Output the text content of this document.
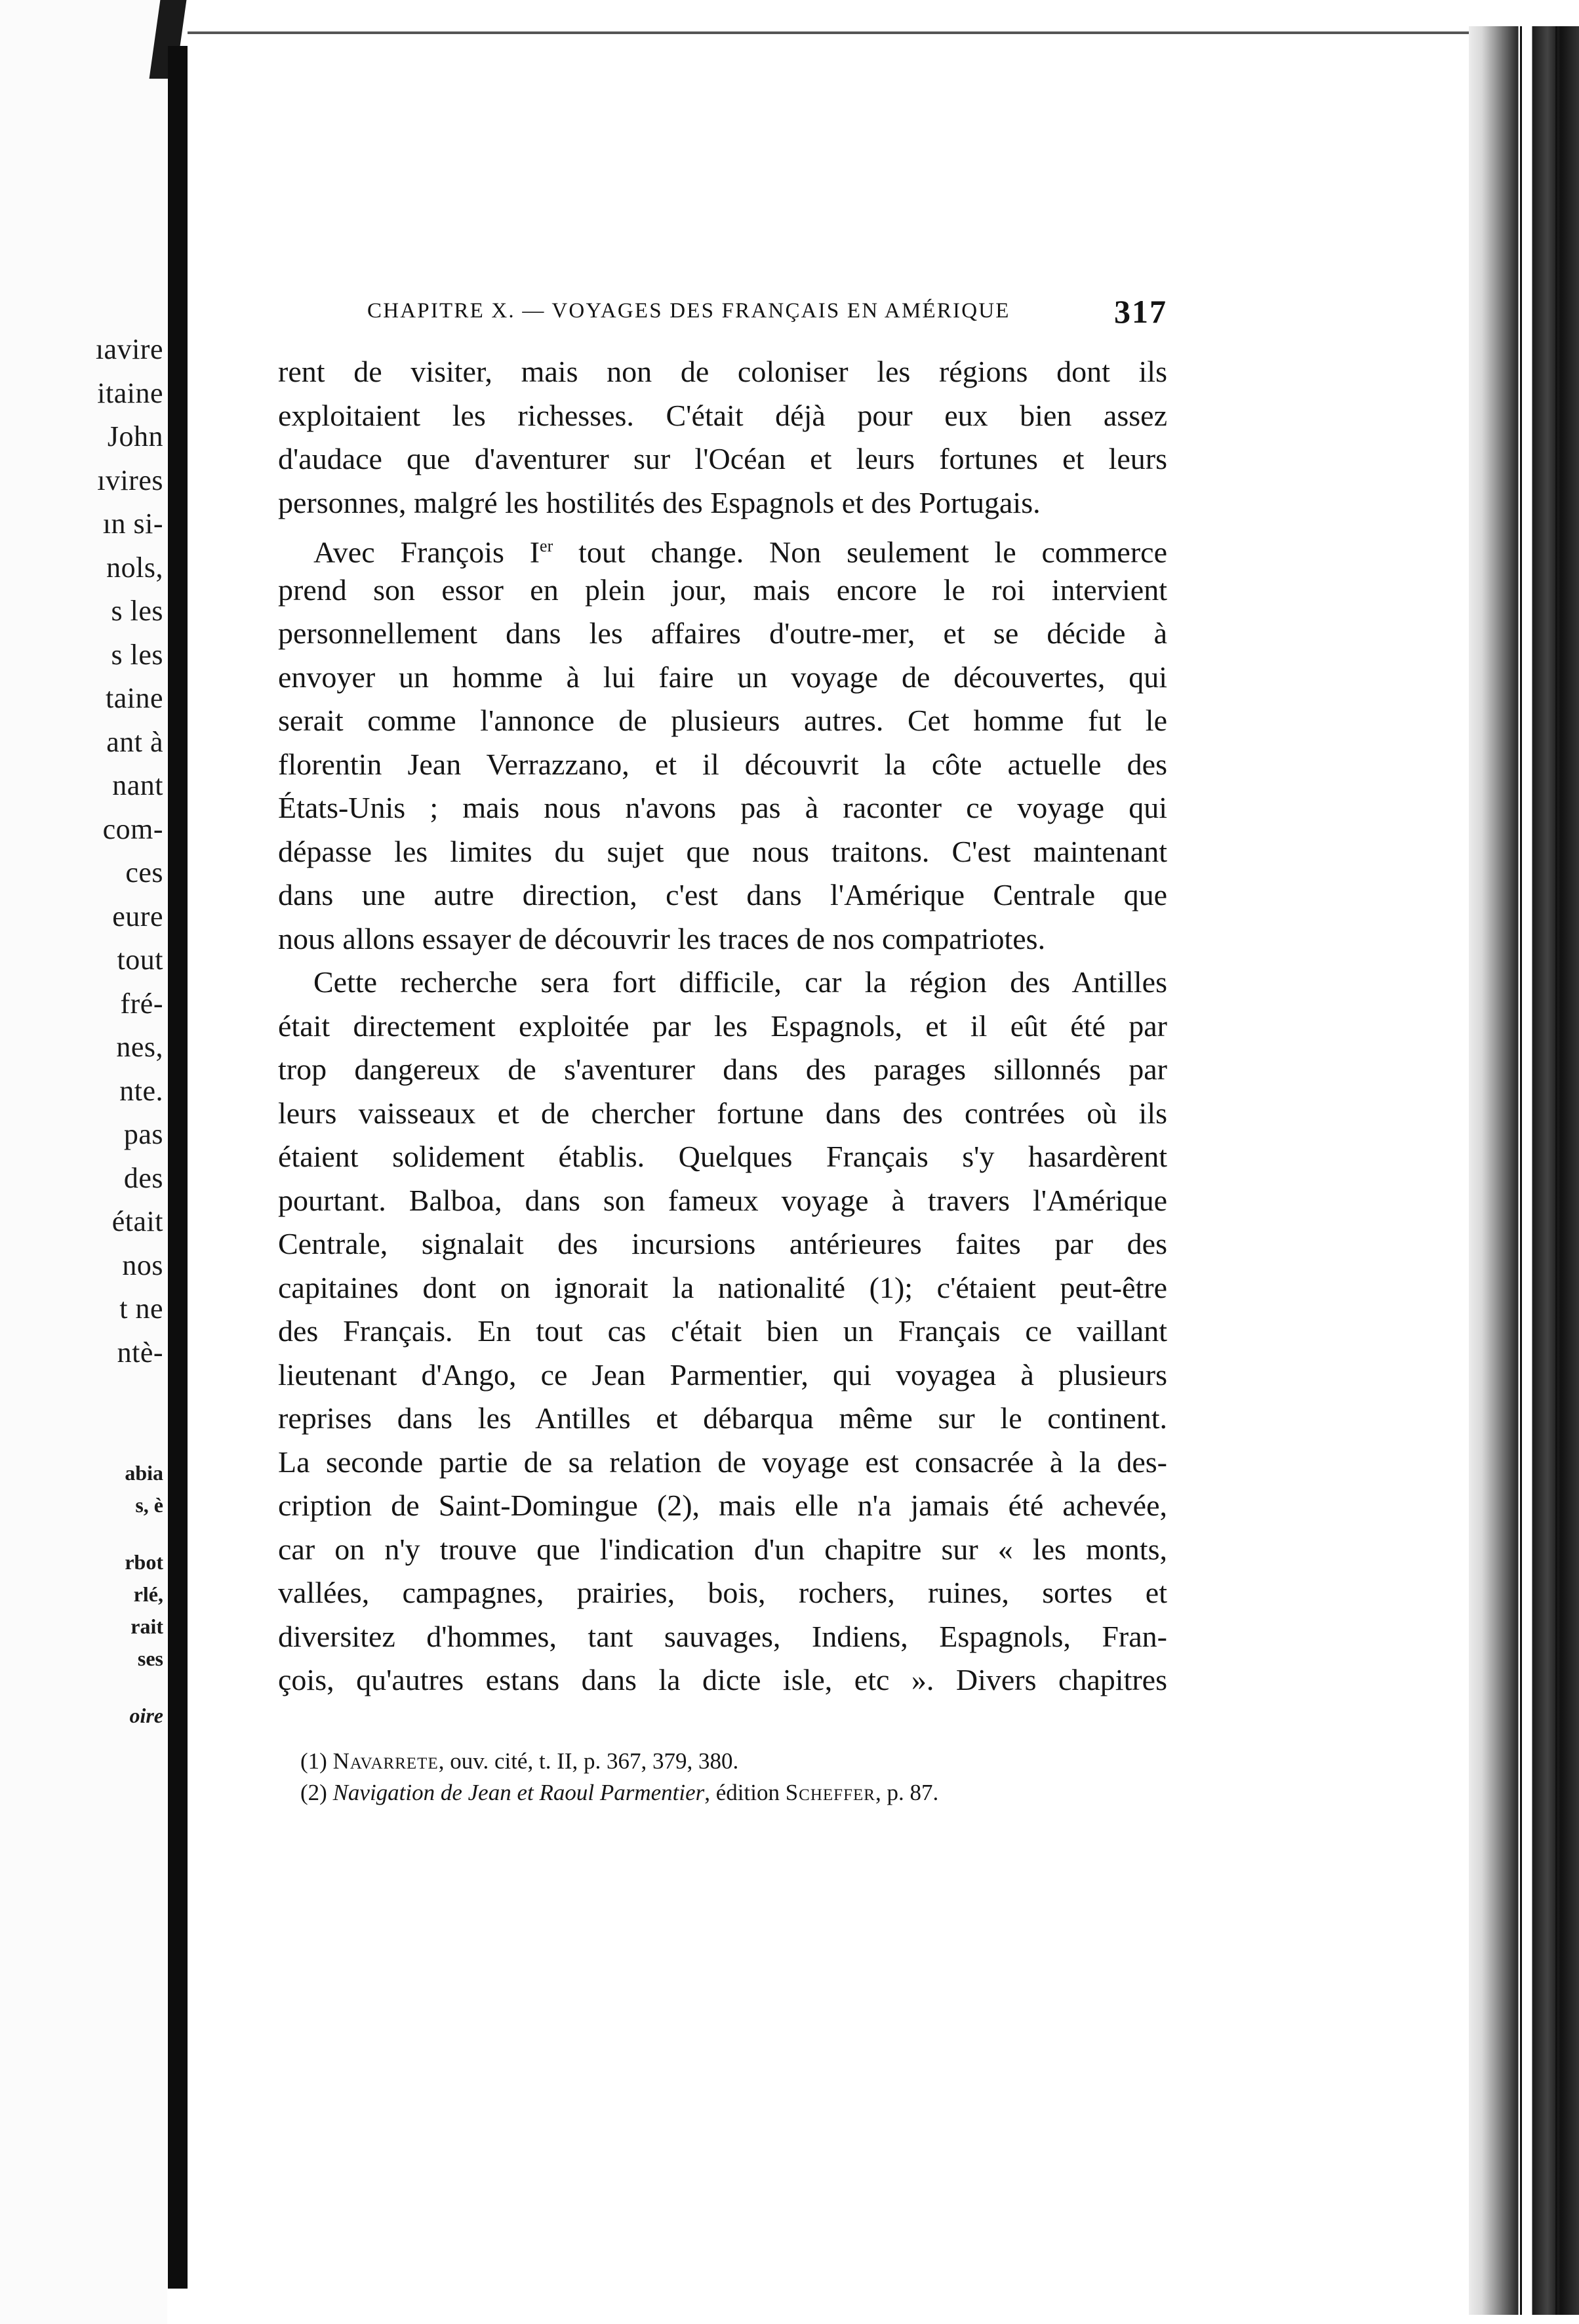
ıavire
itaine
John
ıvires
ın si-
nols,
s les
s les
taine
ant à
nant
com-
ces
eure
tout
fré-
nes,
nte.
pas
des
était
nos
t ne
ntè-
abia
s, è
rbot
rlé,
rait
ses
oire
CHAPITRE X. — VOYAGES DES FRANÇAIS EN AMÉRIQUE	317
rent de visiter, mais non de coloniser les régions dont ils
exploitaient les richesses. C'était déjà pour eux bien assez
d'audace que d'aventurer sur l'Océan et leurs fortunes et leurs
personnes, malgré les hostilités des Espagnols et des Portugais.
Avec François Ier tout change. Non seulement le commerce
prend son essor en plein jour, mais encore le roi intervient
personnellement dans les affaires d'outre-mer, et se décide à
envoyer un homme à lui faire un voyage de découvertes, qui
serait comme l'annonce de plusieurs autres. Cet homme fut le
florentin Jean Verrazzano, et il découvrit la côte actuelle des
États-Unis ; mais nous n'avons pas à raconter ce voyage qui
dépasse les limites du sujet que nous traitons. C'est maintenant
dans une autre direction, c'est dans l'Amérique Centrale que
nous allons essayer de découvrir les traces de nos compatriotes.
Cette recherche sera fort difficile, car la région des Antilles
était directement exploitée par les Espagnols, et il eût été par
trop dangereux de s'aventurer dans des parages sillonnés par
leurs vaisseaux et de chercher fortune dans des contrées où ils
étaient solidement établis. Quelques Français s'y hasardèrent
pourtant. Balboa, dans son fameux voyage à travers l'Amérique
Centrale, signalait des incursions antérieures faites par des
capitaines dont on ignorait la nationalité (1); c'étaient peut-être
des Français. En tout cas c'était bien un Français ce vaillant
lieutenant d'Ango, ce Jean Parmentier, qui voyagea à plusieurs
reprises dans les Antilles et débarqua même sur le continent.
La seconde partie de sa relation de voyage est consacrée à la des-
cription de Saint-Domingue (2), mais elle n'a jamais été achevée,
car on n'y trouve que l'indication d'un chapitre sur « les monts,
vallées, campagnes, prairies, bois, rochers, ruines, sortes et
diversitez d'hommes, tant sauvages, Indiens, Espagnols, Fran-
çois, qu'autres estans dans la dicte isle, etc ». Divers chapitres
(1) Navarrete, ouv. cité, t. II, p. 367, 379, 380.
(2) Navigation de Jean et Raoul Parmentier, édition Scheffer, p. 87.
